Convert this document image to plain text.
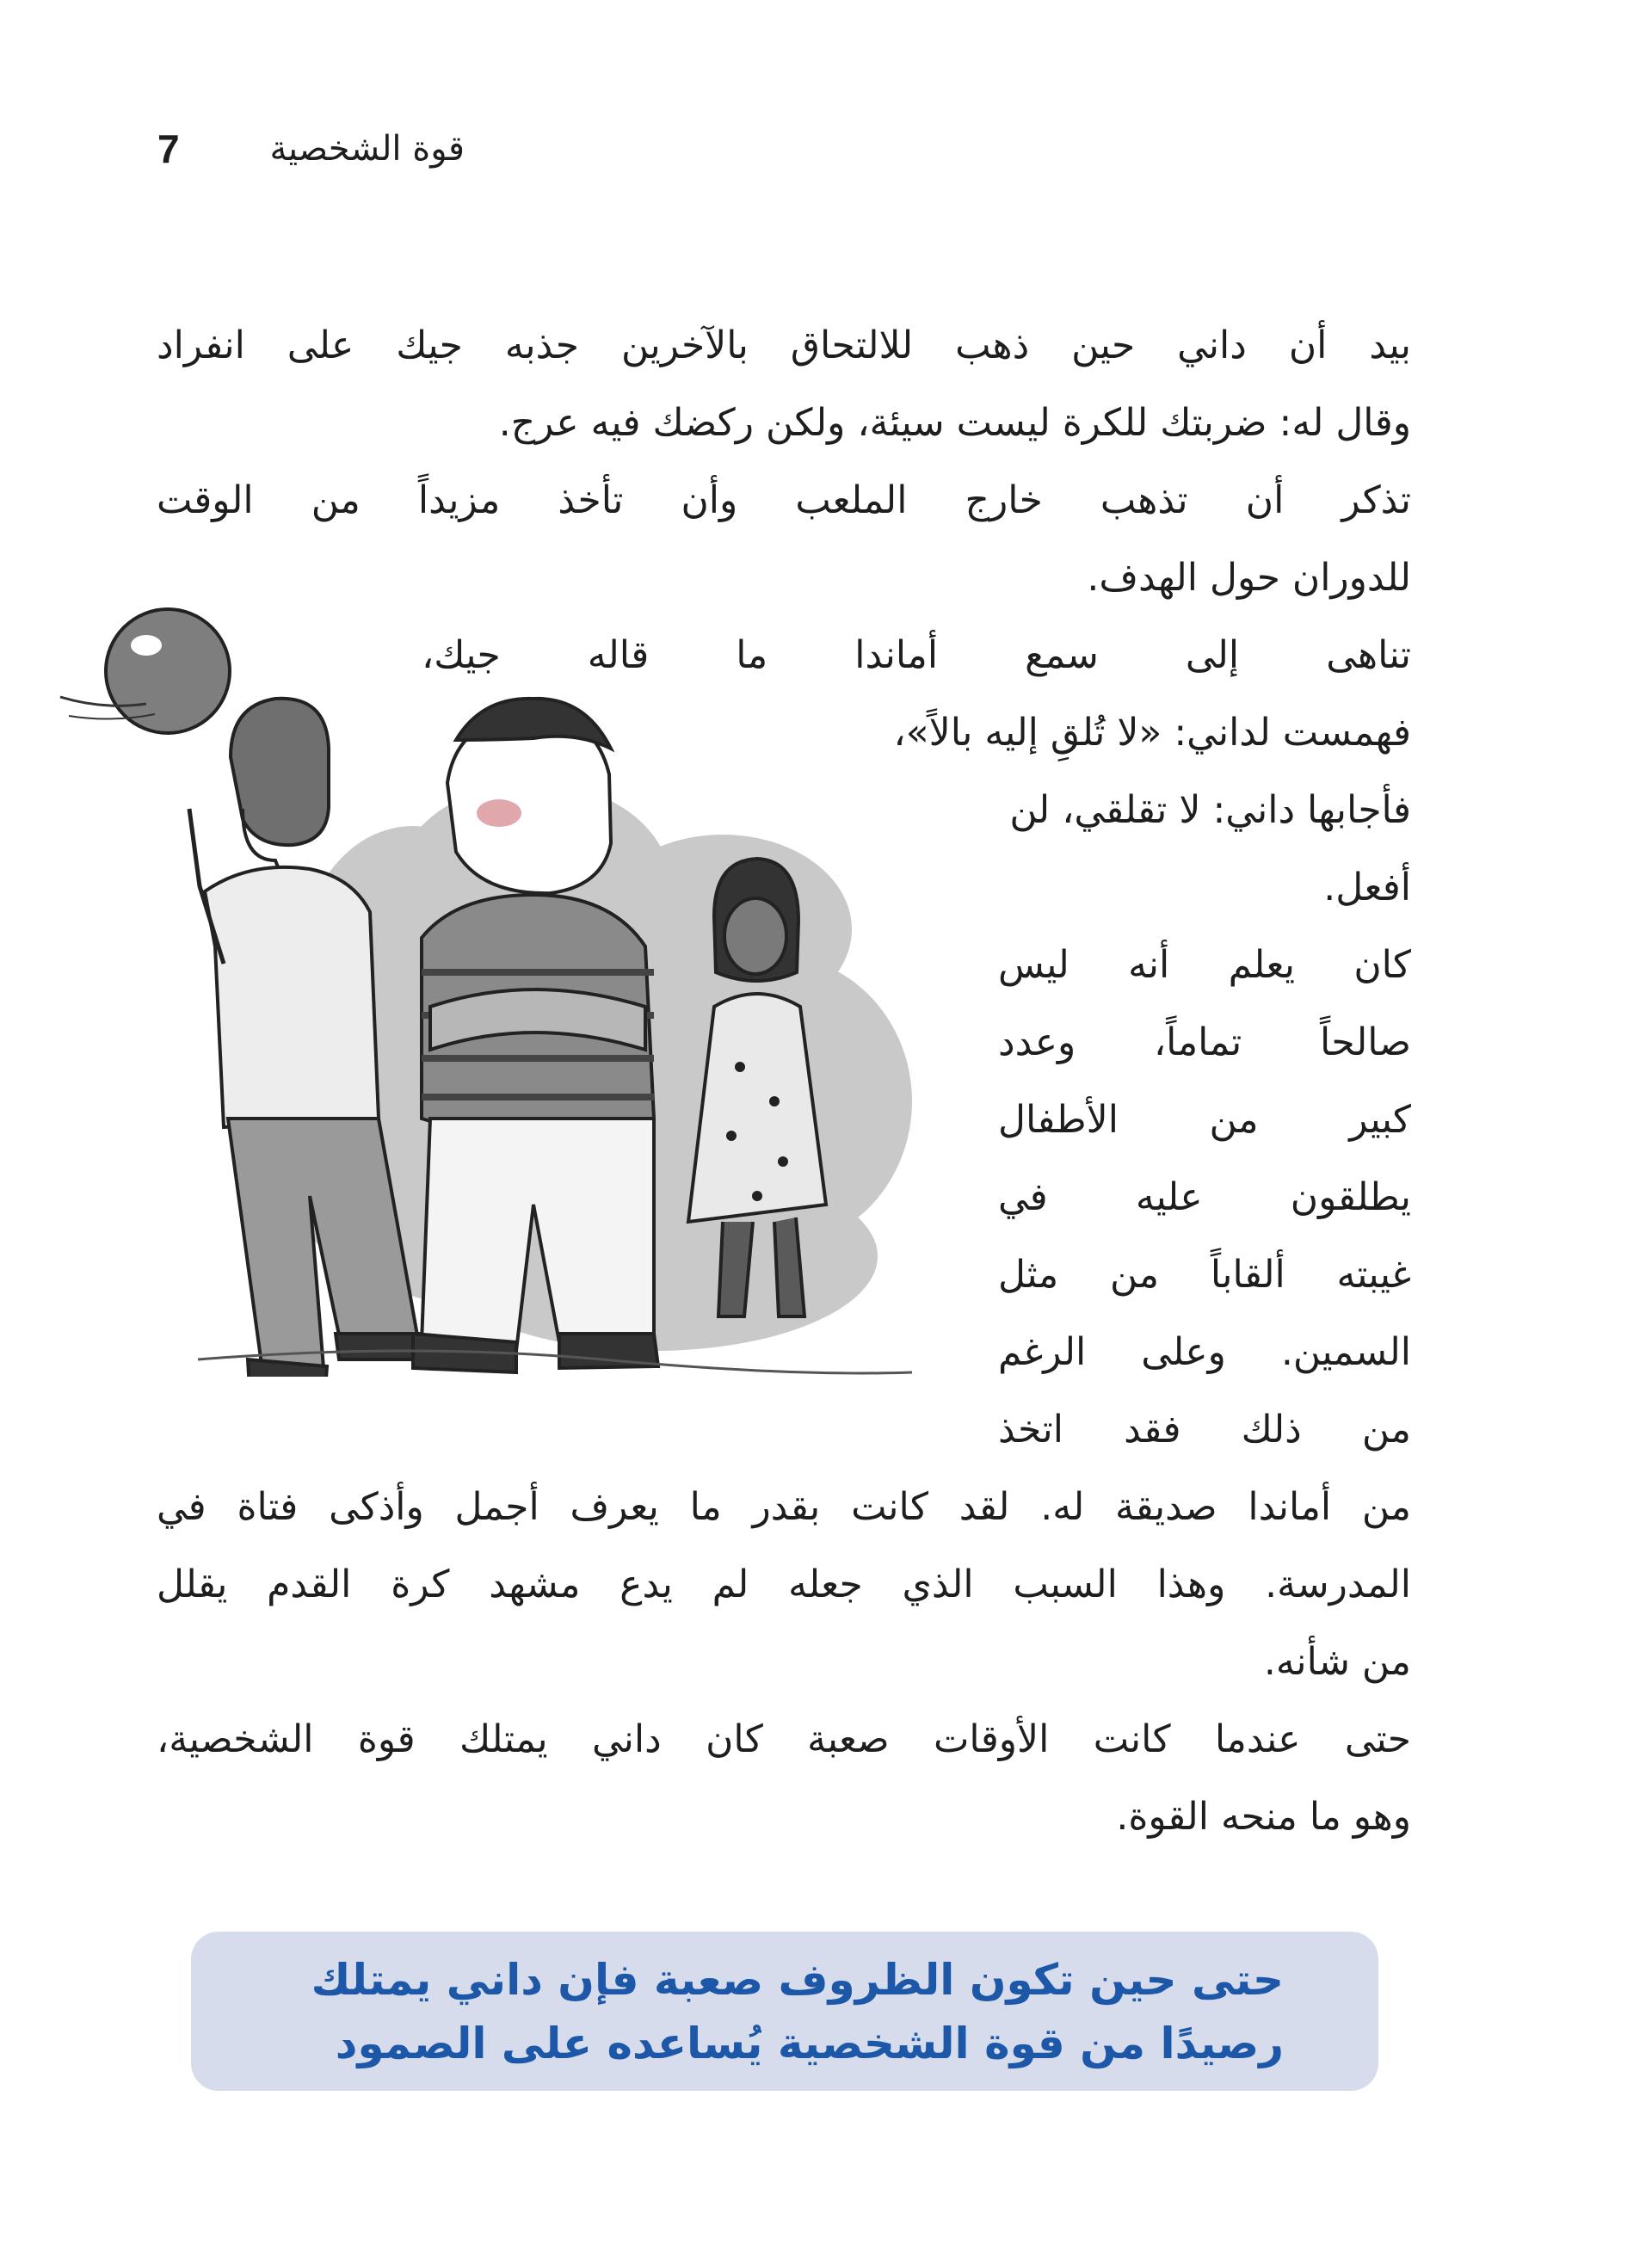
7	قوة الشخصية
بيد أن داني حين ذهب للالتحاق بالآخرين جذبه جيك على انفراد
وقال له: ضربتك للكرة ليست سيئة، ولكن ركضك فيه عرج.
تذكر أن تذهب خارج الملعب وأن تأخذ مزيداً من الوقت
للدوران حول الهدف.
تناهى إلى سمع أماندا ما قاله جيك،
فهمست لداني: «لا تُلقِ إليه بالاً»،
فأجابها داني: لا تقلقي، لن
أفعل.
كان يعلم أنه ليس
صالحاً تماماً، وعدد
كبير من الأطفال
يطلقون عليه في
غيبته ألقاباً من مثل
السمين. وعلى الرغم
من ذلك فقد اتخذ
من أماندا صديقة له. لقد كانت بقدر ما يعرف أجمل وأذكى فتاة في
المدرسة. وهذا السبب الذي جعله لم يدع مشهد كرة القدم يقلل
من شأنه.
حتى عندما كانت الأوقات صعبة كان داني يمتلك قوة الشخصية،
وهو ما منحه القوة.
حتى حين تكون الظروف صعبة فإن داني يمتلك
رصيدًا من قوة الشخصية يُساعده على الصمود
